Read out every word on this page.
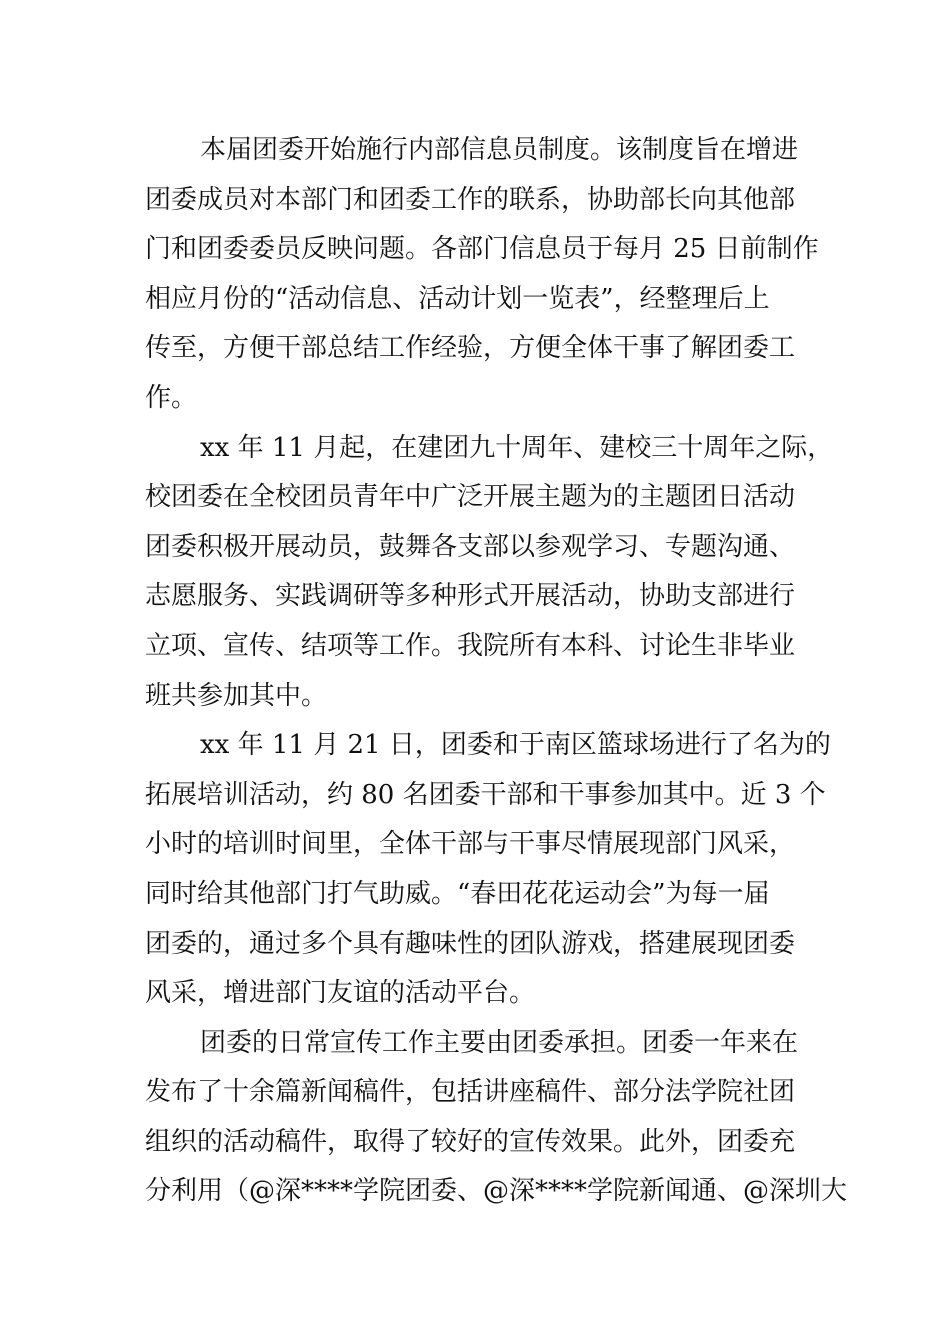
本届团委开始施行内部信息员制度。该制度旨在增进
团委成员对本部门和团委工作的联系，协助部长向其他部
门和团委委员反映问题。各部门信息员于每月 25 日前制作
相应月份的“活动信息、活动计划一览表”，经整理后上
传至，方便干部总结工作经验，方便全体干事了解团委工
作。
xx 年 11 月起，在建团九十周年、建校三十周年之际，
校团委在全校团员青年中广泛开展主题为的主题团日活动
团委积极开展动员，鼓舞各支部以参观学习、专题沟通、
志愿服务、实践调研等多种形式开展活动，协助支部进行
立项、宣传、结项等工作。我院所有本科、讨论生非毕业
班共参加其中。
xx 年 11 月 21 日，团委和于南区篮球场进行了名为的
拓展培训活动，约 80 名团委干部和干事参加其中。近 3 个
小时的培训时间里，全体干部与干事尽情展现部门风采，
同时给其他部门打气助威。“春田花花运动会”为每一届
团委的，通过多个具有趣味性的团队游戏，搭建展现团委
风采，增进部门友谊的活动平台。
团委的日常宣传工作主要由团委承担。团委一年来在
发布了十余篇新闻稿件，包括讲座稿件、部分法学院社团
组织的活动稿件，取得了较好的宣传效果。此外，团委充
分利用（@深****学院团委、@深****学院新闻通、@深圳大
